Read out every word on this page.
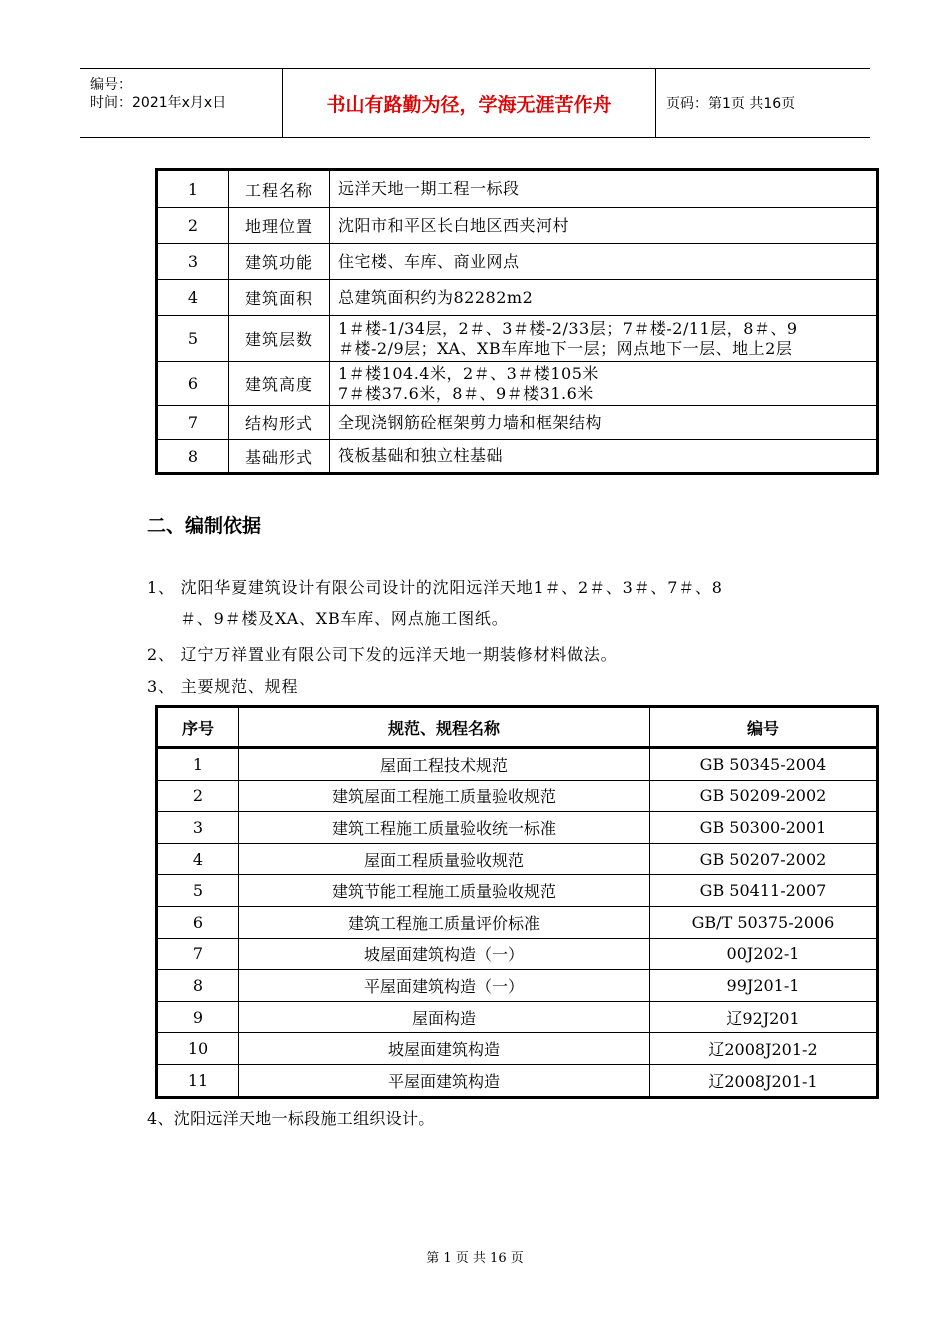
编号：
时间：2021年x月x日	书山有路勤为径，学海无涯苦作舟	页码：第1页 共16页
1	工程名称	远洋天地一期工程一标段

2	地理位置	沈阳市和平区长白地区西夹河村

3	建筑功能	住宅楼、车库、商业网点

4	建筑面积	总建筑面积约为82282m2

5	建筑层数	1＃楼-1/34层，2＃、3＃楼-2/33层；7＃楼-2/11层，8＃、9
＃楼-2/9层；XA、XB车库地下一层；网点地下一层、地上2层

6	建筑高度	1＃楼104.4米，2＃、3＃楼105米
7＃楼37.6米，8＃、9＃楼31.6米

7	结构形式	全现浇钢筋砼框架剪力墙和框架结构

8	基础形式	筏板基础和独立柱基础
二、编制依据
1、 沈阳华夏建筑设计有限公司设计的沈阳远洋天地1＃、2＃、3＃、7＃、8
＃、9＃楼及XA、XB车库、网点施工图纸。
2、 辽宁万祥置业有限公司下发的远洋天地一期装修材料做法。
3、 主要规范、规程
序号	规范、规程名称	编号
1	屋面工程技术规范	GB 50345-2004
2	建筑屋面工程施工质量验收规范	GB 50209-2002
3	建筑工程施工质量验收统一标准	GB 50300-2001
4	屋面工程质量验收规范	GB 50207-2002
5	建筑节能工程施工质量验收规范	GB 50411-2007
6	建筑工程施工质量评价标准	GB/T 50375-2006
7	坡屋面建筑构造（一）	00J202-1
8	平屋面建筑构造（一）	99J201-1
9	屋面构造	辽92J201
10	坡屋面建筑构造	辽2008J201-2
11	平屋面建筑构造	辽2008J201-1
4、沈阳远洋天地一标段施工组织设计。
第 1 页 共 16 页
